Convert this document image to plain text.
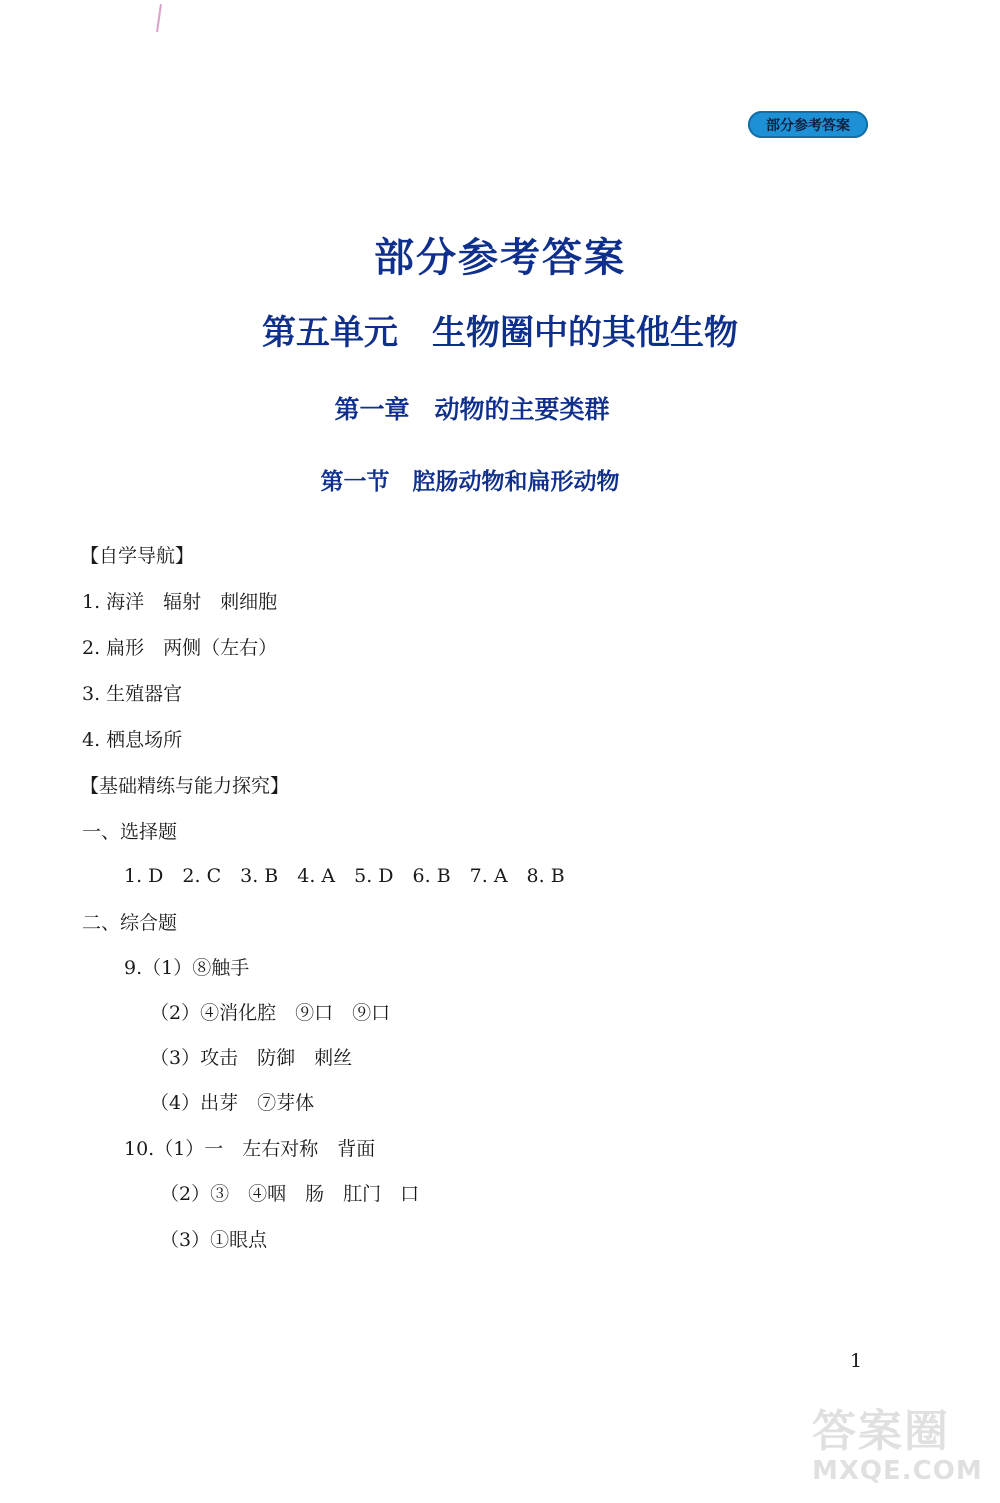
部分参考答案
部分参考答案
第五单元　生物圈中的其他生物
第一章　动物的主要类群
第一节　腔肠动物和扁形动物
【自学导航】
1. 海洋　辐射　刺细胞
2. 扁形　两侧（左右）
3. 生殖器官
4. 栖息场所
【基础精练与能力探究】
一、选择题
1. D　2. C　3. B　4. A　5. D　6. B　7. A　8. B
二、综合题
9.（1）⑧触手
（2）④消化腔　⑨口　⑨口
（3）攻击　防御　刺丝
（4）出芽　⑦芽体
10.（1）一　左右对称　背面
（2）③　④咽　肠　肛门　口
（3）①眼点
1
答案圈
MXQE.COM
